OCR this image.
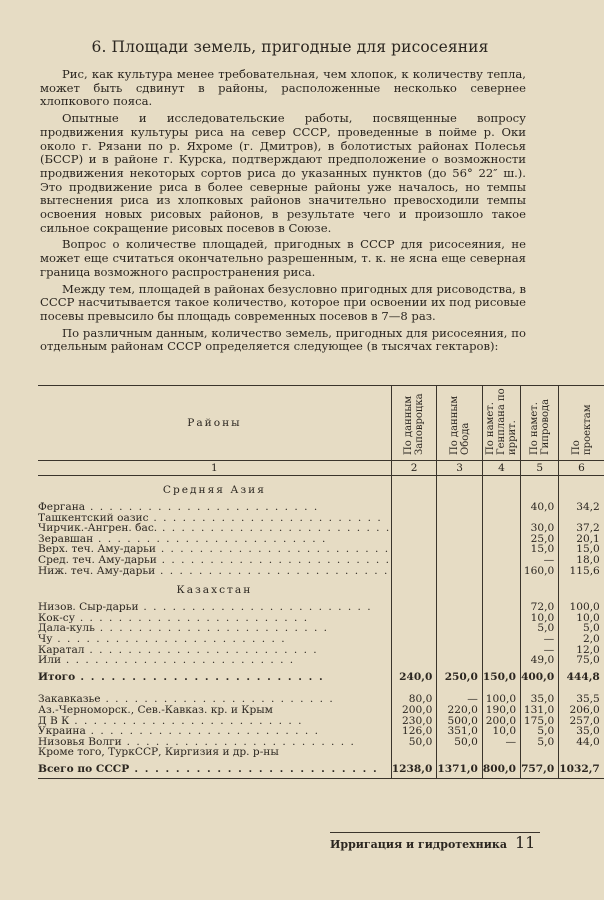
6. Площади земель, пригодные для рисосеяния

Рис, как культура менее требовательная, чем хлопок, к количеству тепла, может быть сдвинут в районы, расположенные несколько севернее хлопкового пояса.

Опытные и исследовательские работы, посвященные вопросу продвижения культуры риса на север СССР, проведенные в пойме р. Оки около г. Рязани по р. Яхроме (г. Дмитров), в болотистых районах Полесья (БССР) и в районе г. Курска, подтверждают предположение о возможности продвижения некоторых сортов риса до указанных пунктов (до 56° 22″ ш.). Это продвижение риса в более северные районы уже началось, но темпы вытеснения риса из хлопковых районов значительно превосходили темпы освоения новых рисовых районов, в результате чего и произошло такое сильное сокращение рисовых посевов в Союзе.

Вопрос о количестве площадей, пригодных в СССР для рисосеяния, не может еще считаться окончательно разрешенным, т. к. не ясна еще северная граница возможного распространения риса.

Между тем, площадей в районах безусловно пригодных для рисоводства, в СССР насчитывается такое количество, которое при освоении их под рисовые посевы превысило бы площадь современных посевов в 7—8 раз.

По различным данным, количество земель, пригодных для рисосеяния, по отдельным районам СССР определяется следующее (в тысячах гектаров):

Районы	По данным Заповроцка	По данным Обода	По намет. Генплана по иррит.	По намет. Гипровода	По проектам
1	2	3	4	5	6
Средняя Азия					
Фергана . . . . . . . . . . . . . . . . . . . . . . . .				40,0	34,2
Ташкентский оазис . . . . . . . . . . . . . . . . . . . . . . . .					
Чирчик.-Ангрен. бас. . . . . . . . . . . . . . . . . . . . . . . . .				30,0	37,2
Зеравшан . . . . . . . . . . . . . . . . . . . . . . . .				25,0	20,1
Верх. теч. Аму-дарьи . . . . . . . . . . . . . . . . . . . . . . . .				15,0	15,0
Сред. теч. Аму-дарьи . . . . . . . . . . . . . . . . . . . . . . . .				—	18,0
Ниж. теч. Аму-дарьи . . . . . . . . . . . . . . . . . . . . . . . .				160,0	115,6
Казахстан					
Низов. Сыр-дарьи . . . . . . . . . . . . . . . . . . . . . . . .				72,0	100,0
Кок-су . . . . . . . . . . . . . . . . . . . . . . . .				10,0	10,0
Дала-куль . . . . . . . . . . . . . . . . . . . . . . . .				5,0	5,0
Чу . . . . . . . . . . . . . . . . . . . . . . . .				—	2,0
Каратал . . . . . . . . . . . . . . . . . . . . . . . .				—	12,0
Или . . . . . . . . . . . . . . . . . . . . . . . .				49,0	75,0
Итого . . . . . . . . . . . . . . . . . . . . . . . .	240,0	250,0	150,0	400,0	444,8

Закавказье . . . . . . . . . . . . . . . . . . . . . . . .	80,0	—	100,0	35,0	35,5
Аз.-Черноморск., Сев.-Кавказ. кр. и Крым	200,0	220,0	190,0	131,0	206,0
Д В К . . . . . . . . . . . . . . . . . . . . . . . .	230,0	500,0	200,0	175,0	257,0
Украина . . . . . . . . . . . . . . . . . . . . . . . .	126,0	351,0	10,0	5,0	35,0
Низовья Волги . . . . . . . . . . . . . . . . . . . . . . . .	50,0	50,0	—	5,0	44,0
Кроме того, ТуркССР, Киргизия и др. р-ны					
Всего по СССР . . . . . . . . . . . . . . . . . . . . . . . .	1238,0	1371,0	800,0	757,0	1032,7
Ирригация и гидротехника 11
